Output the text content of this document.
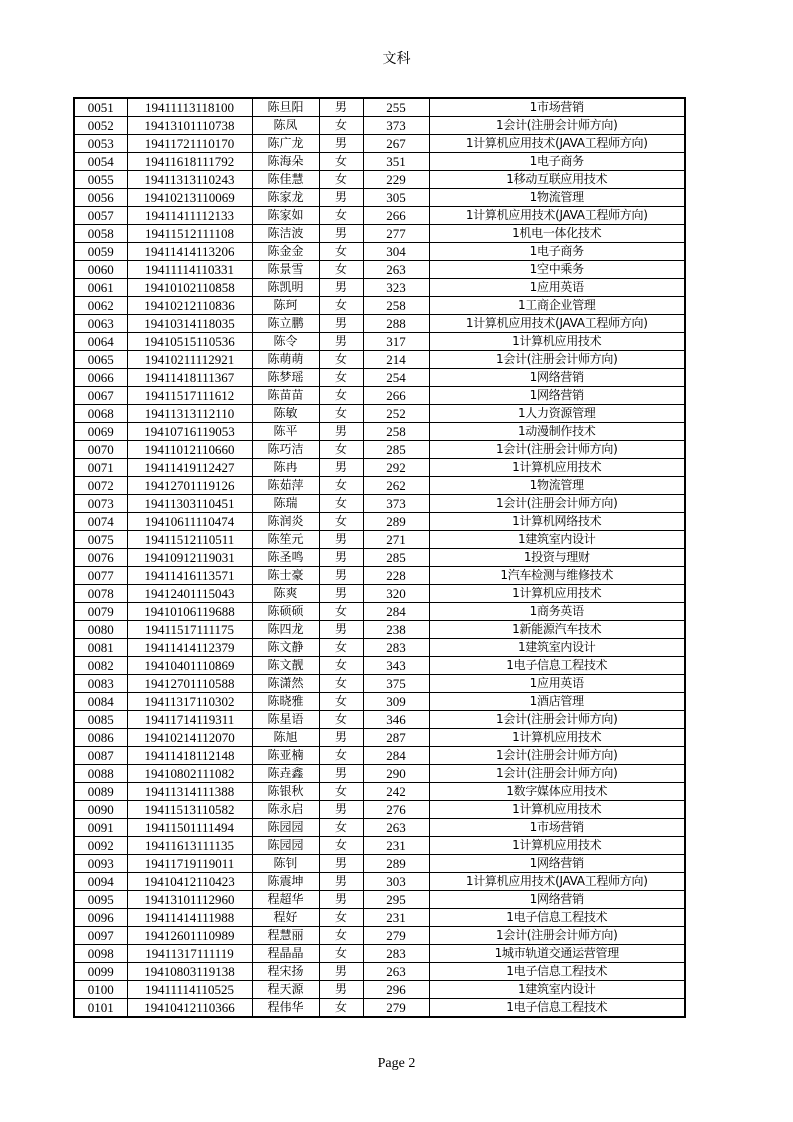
文科
0051	19411113118100	陈旦阳	男	255	1市场营销
0052	19413101110738	陈凤	女	373	1会计(注册会计师方向)
0053	19411721110170	陈广龙	男	267	1计算机应用技术(JAVA工程师方向)
0054	19411618111792	陈海朵	女	351	1电子商务
0055	19411313110243	陈佳慧	女	229	1移动互联应用技术
0056	19410213110069	陈家龙	男	305	1物流管理
0057	19411411112133	陈家如	女	266	1计算机应用技术(JAVA工程师方向)
0058	19411512111108	陈洁波	男	277	1机电一体化技术
0059	19411414113206	陈金金	女	304	1电子商务
0060	19411114110331	陈景雪	女	263	1空中乘务
0061	19410102110858	陈凯明	男	323	1应用英语
0062	19410212110836	陈珂	女	258	1工商企业管理
0063	19410314118035	陈立鹏	男	288	1计算机应用技术(JAVA工程师方向)
0064	19410515110536	陈令	男	317	1计算机应用技术
0065	19410211112921	陈萌萌	女	214	1会计(注册会计师方向)
0066	19411418111367	陈梦瑶	女	254	1网络营销
0067	19411517111612	陈苗苗	女	266	1网络营销
0068	19411313112110	陈敏	女	252	1人力资源管理
0069	19410716119053	陈平	男	258	1动漫制作技术
0070	19411012110660	陈巧洁	女	285	1会计(注册会计师方向)
0071	19411419112427	陈冉	男	292	1计算机应用技术
0072	19412701119126	陈茹萍	女	262	1物流管理
0073	19411303110451	陈瑞	女	373	1会计(注册会计师方向)
0074	19410611110474	陈润炎	女	289	1计算机网络技术
0075	19411512110511	陈笙元	男	271	1建筑室内设计
0076	19410912119031	陈圣鸣	男	285	1投资与理财
0077	19411416113571	陈士豪	男	228	1汽车检测与维修技术
0078	19412401115043	陈爽	男	320	1计算机应用技术
0079	19410106119688	陈硕硕	女	284	1商务英语
0080	19411517111175	陈四龙	男	238	1新能源汽车技术
0081	19411414112379	陈文静	女	283	1建筑室内设计
0082	19410401110869	陈文靓	女	343	1电子信息工程技术
0083	19412701110588	陈潇然	女	375	1应用英语
0084	19411317110302	陈晓雅	女	309	1酒店管理
0085	19411714119311	陈星语	女	346	1会计(注册会计师方向)
0086	19410214112070	陈旭	男	287	1计算机应用技术
0087	19411418112148	陈亚楠	女	284	1会计(注册会计师方向)
0088	19410802111082	陈垚鑫	男	290	1会计(注册会计师方向)
0089	19411314111388	陈银秋	女	242	1数字媒体应用技术
0090	19411513110582	陈永启	男	276	1计算机应用技术
0091	19411501111494	陈园园	女	263	1市场营销
0092	19411613111135	陈园园	女	231	1计算机应用技术
0093	19411719119011	陈钊	男	289	1网络营销
0094	19410412110423	陈震坤	男	303	1计算机应用技术(JAVA工程师方向)
0095	19413101112960	程超华	男	295	1网络营销
0096	19411414111988	程好	女	231	1电子信息工程技术
0097	19412601110989	程慧丽	女	279	1会计(注册会计师方向)
0098	19411317111119	程晶晶	女	283	1城市轨道交通运营管理
0099	19410803119138	程宋扬	男	263	1电子信息工程技术
0100	19411114110525	程天源	男	296	1建筑室内设计
0101	19410412110366	程伟华	女	279	1电子信息工程技术
Page 2
